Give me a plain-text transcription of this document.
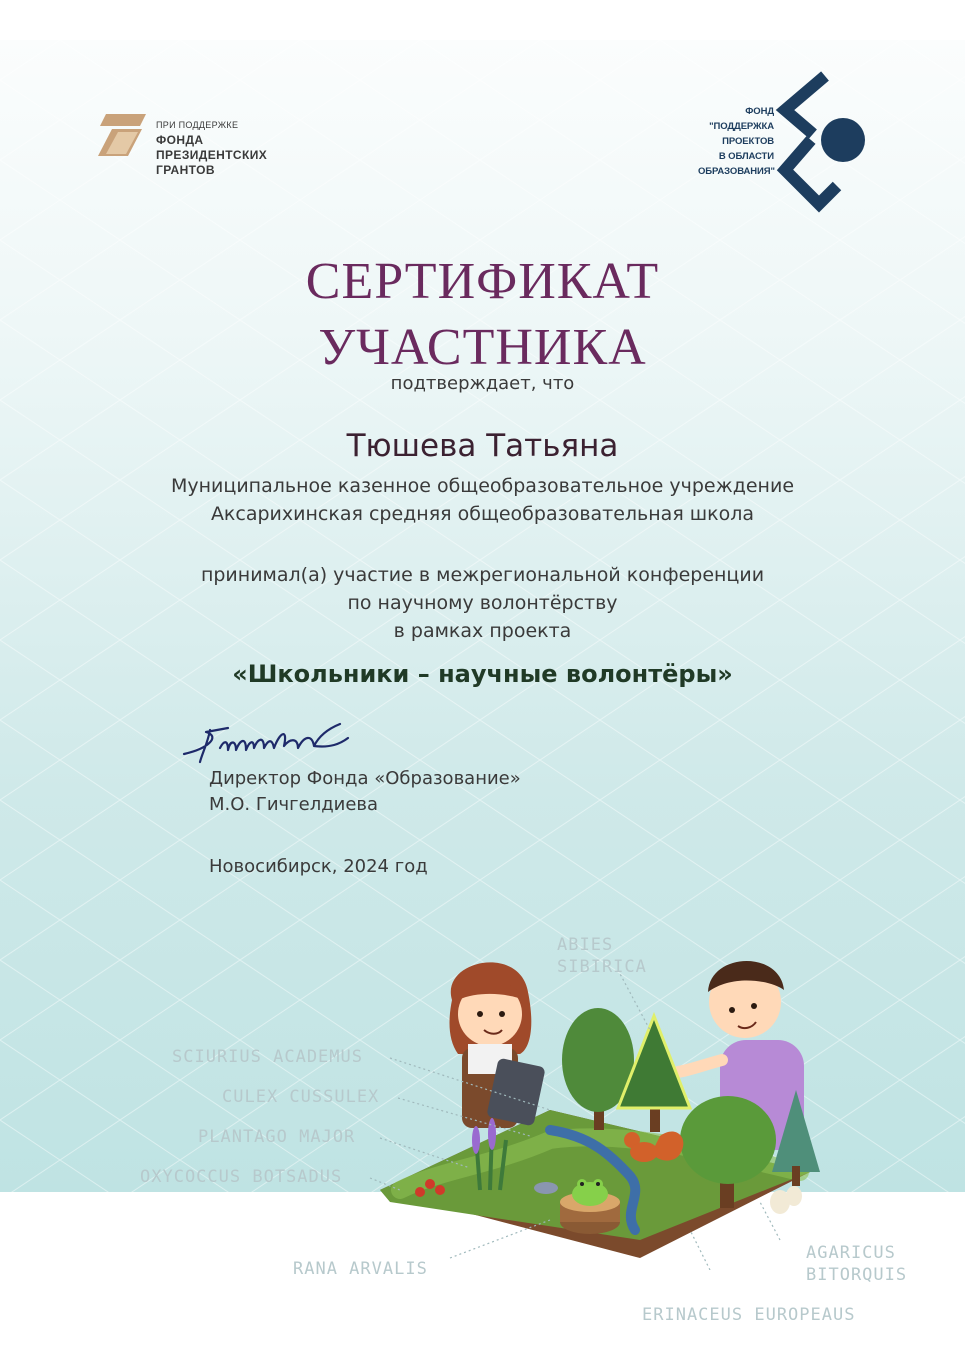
ПРИ ПОДДЕРЖКЕ
ФОНДА
ПРЕЗИДЕНТСКИХ
ГРАНТОВ
ФОНД
"ПОДДЕРЖКА
ПРОЕКТОВ
В ОБЛАСТИ
ОБРАЗОВАНИЯ"
СЕРТИФИКАТ
УЧАСТНИКА
подтверждает, что
Тюшева Татьяна
Муниципальное казенное общеобразовательное учреждение
Аксарихинская средняя общеобразовательная школа
принимал(а) участие в межрегиональной конференции
по научному волонтёрству
в рамках проекта
«Школьники – научные волонтёры»
Директор Фонда «Образование»
М.О. Гичгелдиева
Новосибирск, 2024 год
ABIES
SIBIRICA
SCIURIUS ACADEMUS
CULEX CUSSULEX
PLANTAGO MAJOR
OXYCOCCUS BOTSADUS
RANA ARVALIS
AGARICUS
BITORQUIS
ERINACEUS EUROPEAUS
